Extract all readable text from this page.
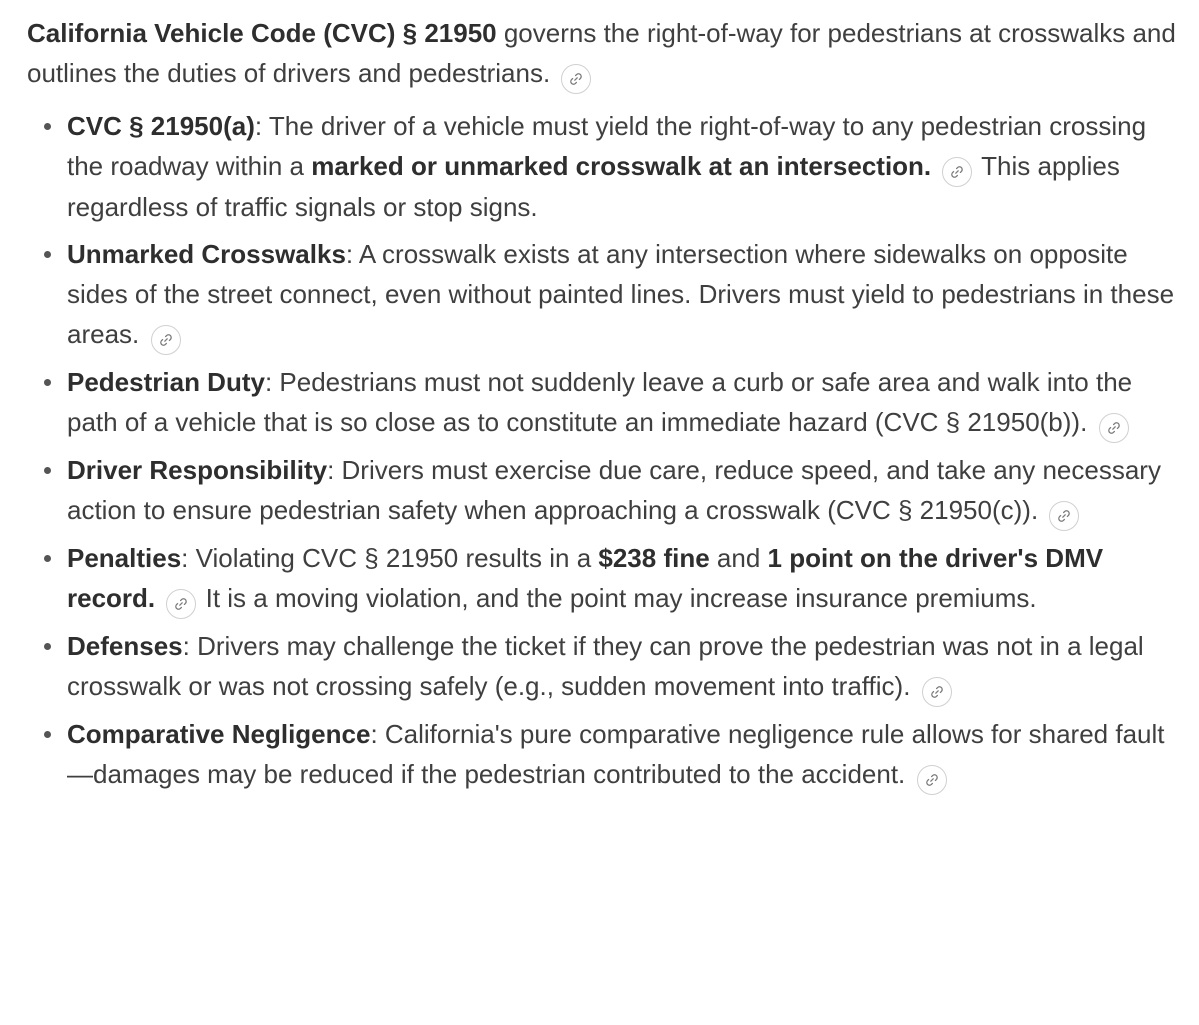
California Vehicle Code (CVC) § 21950 governs the right-of-way for pedestrians at crosswalks and outlines the duties of drivers and pedestrians.

CVC § 21950(a): The driver of a vehicle must yield the right-of-way to any pedestrian crossing the roadway within a marked or unmarked crosswalk at an intersection.
This applies regardless of traffic signals or stop signs.
Unmarked Crosswalks: A crosswalk exists at any intersection where sidewalks on opposite sides of the street connect, even without painted lines. Drivers must yield to pedestrians in these areas.
Pedestrian Duty: Pedestrians must not suddenly leave a curb or safe area and walk into the path of a vehicle that is so close as to constitute an immediate hazard (CVC § 21950(b)).
Driver Responsibility: Drivers must exercise due care, reduce speed, and take any necessary action to ensure pedestrian safety when approaching a crosswalk (CVC § 21950(c)).
Penalties: Violating CVC § 21950 results in a $238 fine and 1 point on the driver's DMV record.
It is a moving violation, and the point may increase insurance premiums.
Defenses: Drivers may challenge the ticket if they can prove the pedestrian was not in a legal crosswalk or was not crossing safely (e.g., sudden movement into traffic).
Comparative Negligence: California's pure comparative negligence rule allows for shared fault—damages may be reduced if the pedestrian contributed to the accident.
